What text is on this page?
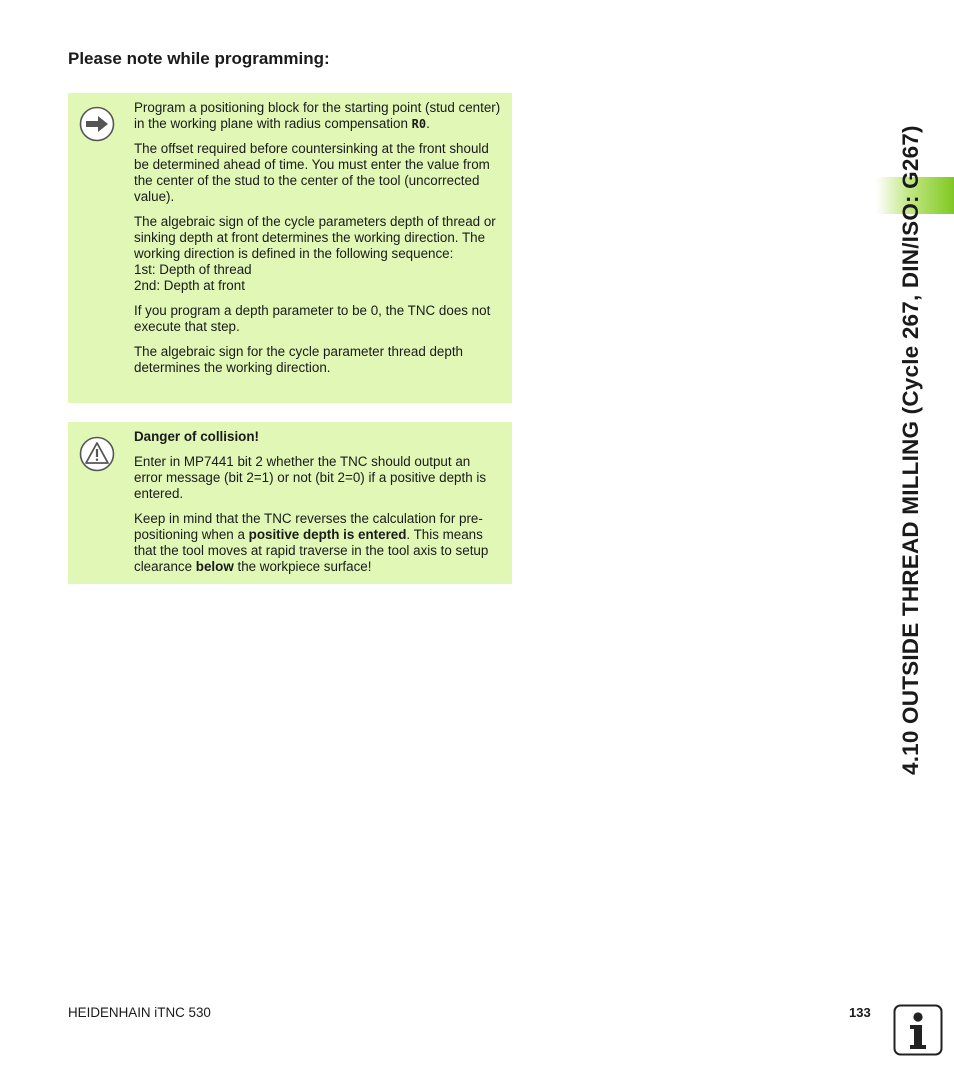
Please note while programming:

Program a positioning block for the starting point (stud center) in the working plane with radius compensation R0.

The offset required before countersinking at the front should be determined ahead of time. You must enter the value from the center of the stud to the center of the tool (uncorrected value).

The algebraic sign of the cycle parameters depth of thread or sinking depth at front determines the working direction. The working direction is defined in the following sequence:
1st: Depth of thread
2nd: Depth at front

If you program a depth parameter to be 0, the TNC does not execute that step.

The algebraic sign for the cycle parameter thread depth determines the working direction.

Danger of collision!

Enter in MP7441 bit 2 whether the TNC should output an error message (bit 2=1) or not (bit 2=0) if a positive depth is entered.

Keep in mind that the TNC reverses the calculation for pre-positioning when a positive depth is entered. This means that the tool moves at rapid traverse in the tool axis to setup clearance below the workpiece surface!	4.10 OUTSIDE THREAD MILLING (Cycle 267, DIN/ISO: G267)
HEIDENHAIN iTNC 530	133
